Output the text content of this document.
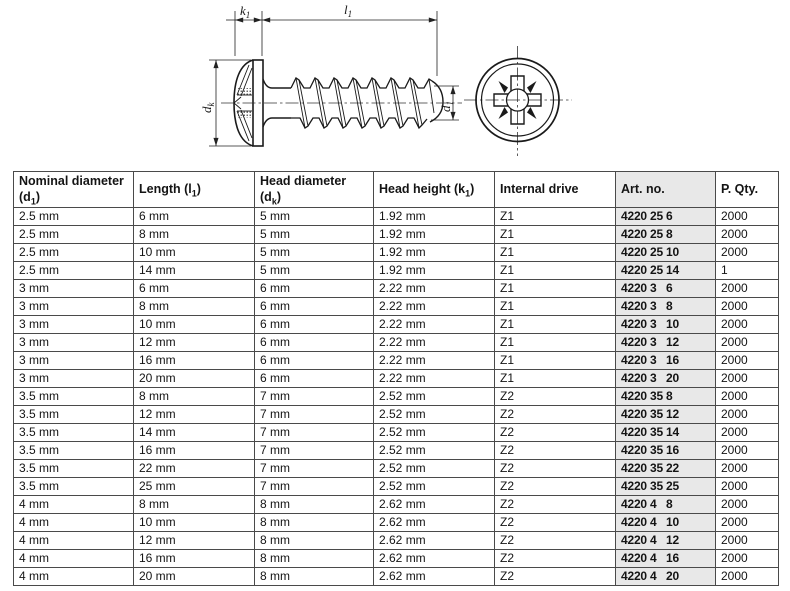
$k_1$	$l_1$
$d_k$
$d_1$
Nominal diameter $(d_1)$	Length $(l_1)$	Head diameter $(d_k)$	Head height $(k_1)$	Internal drive	Art. no.	P. Qty.
2.5 mm	6 mm	5 mm	1.92 mm	Z1	4220 25 6	2000
2.5 mm	8 mm	5 mm	1.92 mm	Z1	4220 25 8	2000
2.5 mm	10 mm	5 mm	1.92 mm	Z1	4220 25 10	2000
2.5 mm	14 mm	5 mm	1.92 mm	Z1	4220 25 14	1
3 mm	6 mm	6 mm	2.22 mm	Z1	4220 3 6	2000
3 mm	8 mm	6 mm	2.22 mm	Z1	4220 3 8	2000
3 mm	10 mm	6 mm	2.22 mm	Z1	4220 3 10	2000
3 mm	12 mm	6 mm	2.22 mm	Z1	4220 3 12	2000
3 mm	16 mm	6 mm	2.22 mm	Z1	4220 3 16	2000
3 mm	20 mm	6 mm	2.22 mm	Z1	4220 3 20	2000
3.5 mm	8 mm	7 mm	2.52 mm	Z2	4220 35 8	2000
3.5 mm	12 mm	7 mm	2.52 mm	Z2	4220 35 12	2000
3.5 mm	14 mm	7 mm	2.52 mm	Z2	4220 35 14	2000
3.5 mm	16 mm	7 mm	2.52 mm	Z2	4220 35 16	2000
3.5 mm	22 mm	7 mm	2.52 mm	Z2	4220 35 22	2000
3.5 mm	25 mm	7 mm	2.52 mm	Z2	4220 35 25	2000
4 mm	8 mm	8 mm	2.62 mm	Z2	4220 4 8	2000
4 mm	10 mm	8 mm	2.62 mm	Z2	4220 4 10	2000
4 mm	12 mm	8 mm	2.62 mm	Z2	4220 4 12	2000
4 mm	16 mm	8 mm	2.62 mm	Z2	4220 4 16	2000
4 mm	20 mm	8 mm	2.62 mm	Z2	4220 4 20	2000
